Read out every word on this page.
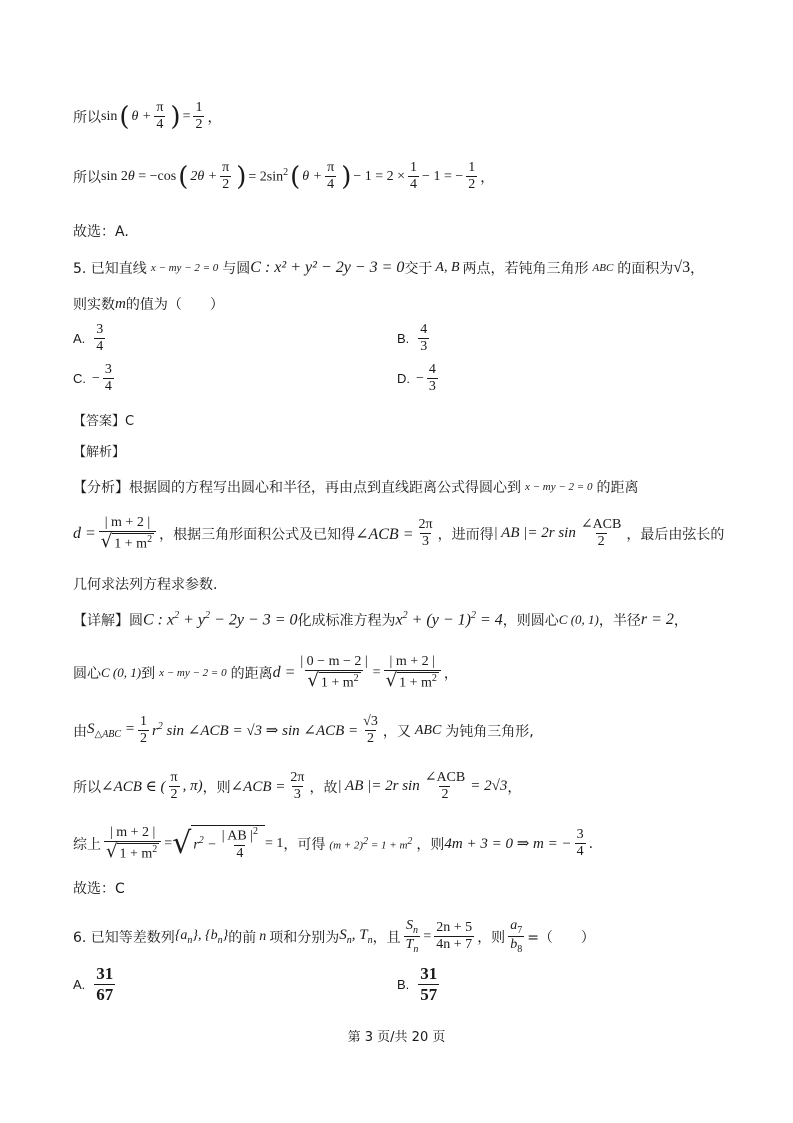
所以 sin ( $\theta + \frac{\pi}{4}$ ) = $\frac{1}{2}$ ，
所以 sin 2θ = −cos ( $2\theta + \frac{\pi}{2}$ ) = $2\sin^2$ ( $\theta + \frac{\pi}{4}$ ) − $1 = 2 \times \frac{1}{4} - 1$ = − $\frac{1}{2}$ ，
故选：A.
5. 已知直线 x − my − 2 = 0 与圆 C : x² + y² − 2y − 3 = 0 交于 A, B 两点，若钝角三角形 ABC 的面积为 √3 ，
则实数 m 的值为（　　）
A. $\frac{3}{4}$	B. $\frac{4}{3}$
C. − $\frac{3}{4}$	D. − $\frac{4}{3}$
【答案】C
【解析】
【分析】根据圆的方程写出圆心和半径，再由点到直线距离公式得圆心到 x − my − 2 = 0 的距离
$d = \frac{| m + 2 |}{√ 1 + m^2}$ ，根据三角形面积公式及已知得 ∠ACB = $\frac{2\pi}{3}$ ，进而得 | AB |= 2r $\sin \frac{\text{∠ACB}}{2}$ ，最后由弦长的
几何求法列方程求参数.
【详解】圆 C : $x^2 + y^2 - 2y - 3 = 0$ 化成标准方程为 $x^2 + (y - 1)^2 = 4$ ，则圆心 C (0, 1) ，半径 r = 2 ，
圆心 C (0, 1) 到 x − my − 2 = 0 的距离 $d = \frac{| 0 - m - 2 |}{√ 1 + m^2} = \frac{| m + 2 |}{√ 1 + m^2}$ ，
由 $S_{\triangle ABC} = \frac{1}{2} r^2$ sin ∠ACB = √3 ⇒ sin ∠ACB = $\frac{√3}{2}$ ，又 ABC 为钝角三角形,
所以 ∠ACB ∈ ( $\frac{\pi}{2}$ , π) ，则 ∠ACB = $\frac{2\pi}{3}$ ，故 | AB |= 2r $\sin \frac{\text{∠ACB}}{2} = 2√3$ ，
综上 $\frac{| m + 2 |}{√ 1 + m^2}$ = √ $r^2 - \frac{| AB |^2}{4} = 1$ ，可得 $(m + 2)^2 = 1 + m^2$ ，则 4m + 3 = 0 ⇒ m = − $\frac{3}{4}$ .
故选：C
6. 已知等差数列 $\{a_n\}$, $\{b_n\}$ 的前 n 项和分别为 $S_n$, $T_n$ ，且 $\frac{S_n}{T_n} = \frac{2n + 5}{4n + 7}$ ，则 $\frac{a_7}{b_8}$ =（　　）
A. $\frac{31}{67}$	B. $\frac{31}{57}$
第 3 页/共 20 页
